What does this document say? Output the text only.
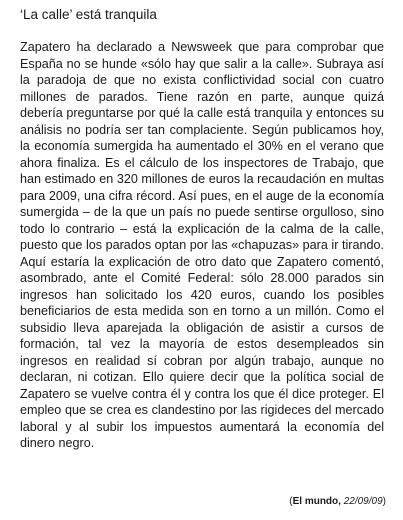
‘La calle’ está tranquila

Zapatero ha declarado a Newsweek que para comprobar que España no se hunde «sólo hay que salir a la calle». Subraya así la paradoja de que no exista conflictividad social con cuatro millones de parados. Tiene razón en parte, aunque quizá debería preguntarse por qué la calle está tranquila y entonces su análisis no podría ser tan complaciente. Según publicamos hoy, la economía sumergida ha aumentado el 30% en el verano que ahora finaliza. Es el cálculo de los inspectores de Trabajo, que han estimado en 320 millones de euros la recaudación en multas para 2009, una cifra récord. Así pues, en el auge de la economía sumergida – de la que un país no puede sentirse orgulloso, sino todo lo contrario – está la explicación de la calma de la calle, puesto que los parados optan por las «chapuzas» para ir tirando. Aquí estaría la explicación de otro dato que Zapatero comentó, asombrado, ante el Comité Federal: sólo 28.000 parados sin ingresos han solicitado los 420 euros, cuando los posibles beneficiarios de esta medida son en torno a un millón. Como el subsidio lleva aparejada la obligación de asistir a cursos de formación, tal vez la mayoría de estos desempleados sin ingresos en realidad sí cobran por algún trabajo, aunque no declaran, ni cotizan. Ello quiere decir que la política social de Zapatero se vuelve contra él y contra los que él dice proteger. El empleo que se crea es clandestino por las rigideces del mercado laboral y al subir los impuestos aumentará la economía del dinero negro.

(El mundo, 22/09/09)
